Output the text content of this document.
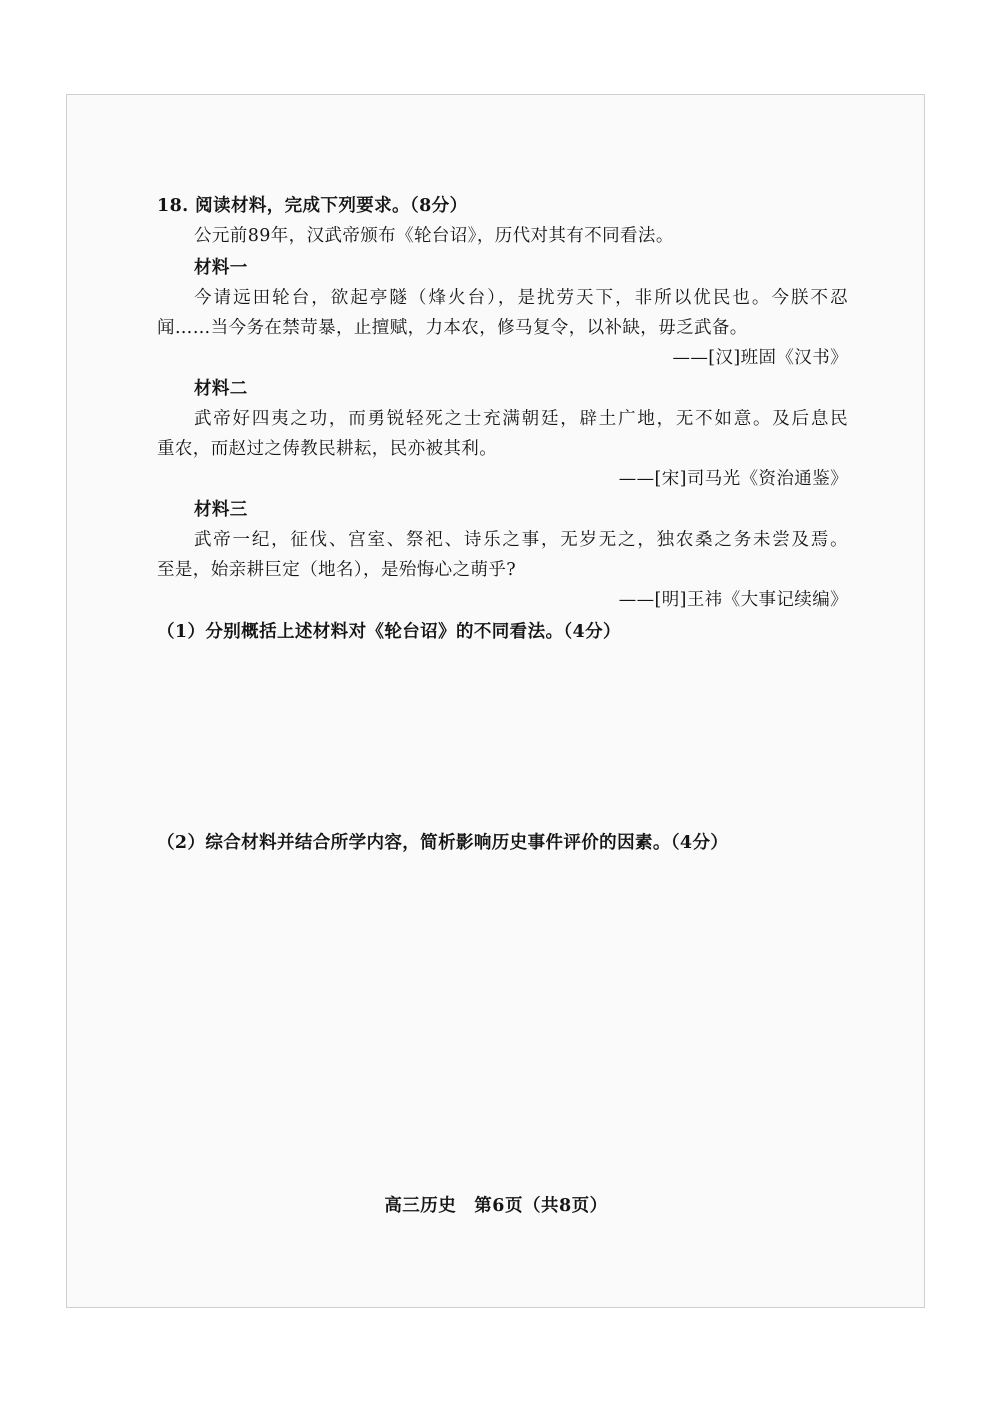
18. 阅读材料，完成下列要求。（8分）
公元前89年，汉武帝颁布《轮台诏》，历代对其有不同看法。
材料一
今请远田轮台，欲起亭隧（烽火台），是扰劳天下，非所以优民也。今朕不忍
闻……当今务在禁苛暴，止擅赋，力本农，修马复令，以补缺，毋乏武备。
——[汉]班固《汉书》
材料二
武帝好四夷之功，而勇锐轻死之士充满朝廷，辟土广地，无不如意。及后息民
重农，而赵过之俦教民耕耘，民亦被其利。
——[宋]司马光《资治通鉴》
材料三
武帝一纪，征伐、宫室、祭祀、诗乐之事，无岁无之，独农桑之务未尝及焉。
至是，始亲耕巨定（地名），是殆悔心之萌乎?
——[明]王祎《大事记续编》
（1）分别概括上述材料对《轮台诏》的不同看法。（4分）
（2）综合材料并结合所学内容，简析影响历史事件评价的因素。（4分）
高三历史　第6页（共8页）
